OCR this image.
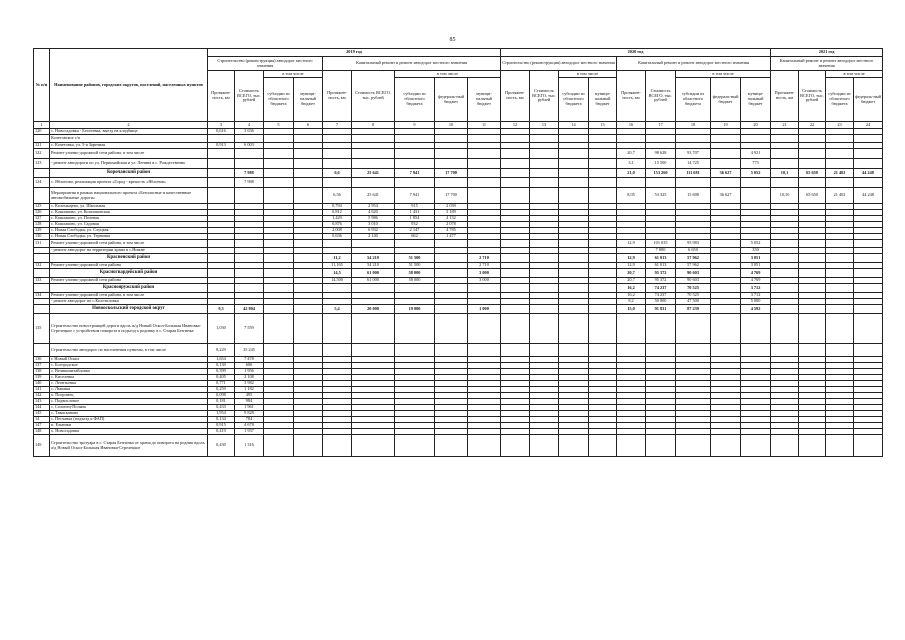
85
№ п/п	Наименование районов, городских округов, поселений, населенных пунктов	2019 год									2020 год									2021 год			
		Строительство (реконструкция) автодорог местного значения				Капитальный ремонт и ремонт автодорог местного значения					Строительство (реконструкция) автодорог местного значения				Капитальный ремонт и ремонт автодорог местного значения					Капитальный ремонт и ремонт автодорог местного значения			
		Протяжен-ность, км	Стоимость ВСЕГО, тыс. рублей	в том числе		Протяжен-ность, км	Стоимость ВСЕГО, тыс. рублей	в том числе			Протяжен-ность, км	Стоимость ВСЕГО, тыс. рублей	в том числе		Протяжен-ность, км	Стоимость ВСЕГО, тыс. рублей	в том числе			Протяжен-ность, км	Стоимость ВСЕГО, тыс. рублей	в том числе	
				субсидии из областного бюджета	муници-пальный бюджет			субсидии из областного бюджета	федераль-ный бюджет	муници-пальный бюджет			субсидии из областного бюджета	муници-пальный бюджет			субсидии из областного бюджета	федераль-ный бюджет	муници-пальный бюджет			субсидии из областного бюджета	федераль-ный бюджет
1	2	3	4	5	6	7	8	9	10	11	12	13	14	15	16	17	18	19	20	21	22	23	24
120	с. Новосадовка - Бехтеевка, выезд на кладбище	0,616	3 636																				
	Кочетовское с/п																						
121	с. Кочетовка, ул. 5-я Заречная	0,913	6 003																				
122	Ремонт улично-дорожной сети района, в том числе														20,7	98 628	93 707		4 921				
123	- ремонт автодороги по ул. Первомайская и ул. Ленина в с. Рождественно														3,1	15 500	14 725		775				
	Корочанский район		7 988			6,6	25 641	7 941	17 700						21,0	153 260	111 681	36 627	5 052	10,1	65 650	21 402	44 248
124	с. Яблоново, реализация проекта «Город - крепость «Яблонов»		7 988																				
	Мероприятия в рамках национального проекта «Безопасные и качественные автомобильные дороги»					6,56	25 641	7 941	17 700						8,05	53 325	15 698	36 627		10,10	65 650	21 402	44 248
125	с. Коломыцево, ул. Школьная					0,794	2 954	915	2 039														
126	с. Кошлаково, ул. Кошлаковская					0,812	4 620	1 431	3 189														
127	с. Кошлаково, ул. Полевая					1,429	5 986	1 854	4 132														
128	с. Кошлаково, ул. Садовая					0,876	3 010	932	2 078														
129	с. Новая Слободка, ул. Слуцкая					2,008	6 932	2 147	4 785														
130	с. Новая Слободка, ул. Терновка					0,636	2 140	662	1 477														
131	Ремонт улично-дорожной сети района, в том числе														12,9	101 035	95 983		5 052				
	- ремонт автодорог на территории храма в с.Нижне															7 000	6 650		350				
	Красненский район					11,2	54 210	51 500		2 710					12,9	61 013	57 962		3 051				
132	Ремонт улично-дорожной сети района					11,165	54 210	51 500		2 710					12,9	61 013	57 962		3 051				
	Красногвардейский район					14,5	61 000	58 000		3 000					20,7	95 372	90 603		4 769				
133	Ремонт улично-дорожной сети района					14,500	61 000	58 000		3 000					20,7	95 372	90 603		4 769				
	Краснояружский район														16,2	74 237	70 525		3 712				
134	Ремонт улично-дорожной сети района, в том числе														16,2	74 237	70 525		3 712				
	- ремонт автодорог по с.Колотиловка														8,2	50 000	47 500		5 000				
	Новооскольский городской округ	9,3	42 804			5,4	20 000	19 000		1 000					15,0	91 831	87 239		4 592				
135	Строительство новостроящей дороги вдоль ж/д Новый Оскол-Большая Ивановка-Стрелецкое с устройством поворота в подъезд к родинку в с. Старая Безгинка	1,030	7 559																				
	Строительство автодорог по населенным пунктам, в том числе	8,229	35 245																				
136	г. Новый Оскол	1,654	7 478																				
137	с. Богородское	0,139	606																				
138	с. Великомихайловка	0,399	1 956																				
139	с. Киселевка	0,405	2 108																				
140	с. Леонтьевка	0,771	3 982																				
141	с. Львовка	0,259	1 182																				
142	х. Погромец	0,098	495																				
143	с. Подвисловое	0,181	984																				
144	с. Солонец-Полянa	0,433	1 961																				
145	с. Тависканово	1,954	9 828																				
14	с. Песчанка (подъезд к ФАП)	0,134	784																				
147	п. Ельники	0,915	4 678																				
148	х. Новосадовка	0,419	1 937																				
149	Строительство тротуара в с. Старая Безгинка от храма до поворота на родник вдоль а/д Новый Оскол-Большая Ивановка-Стрелецкое	0,430	1 316																				
